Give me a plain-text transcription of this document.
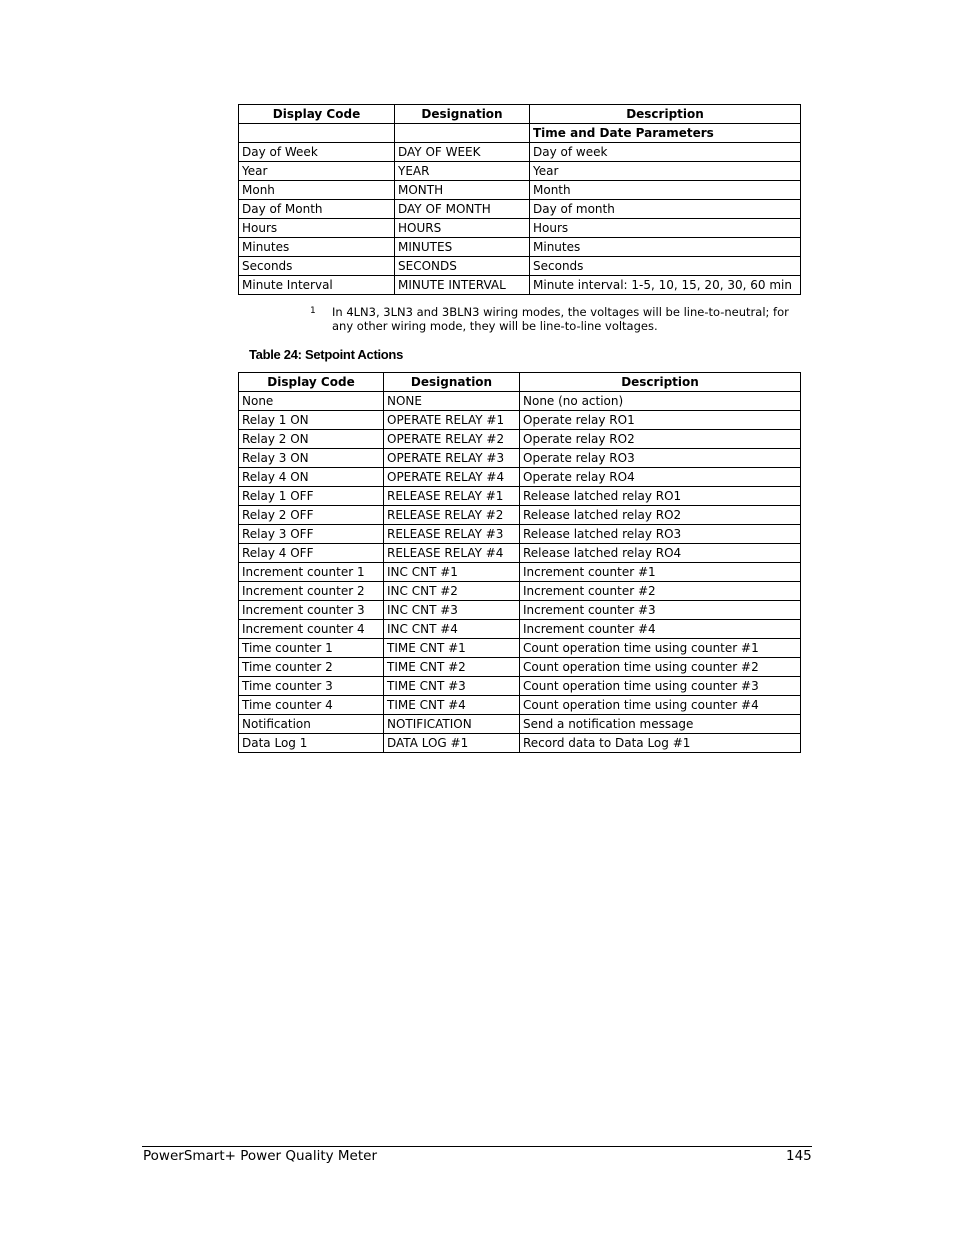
Display Code	Designation	Description
		Time and Date Parameters
Day of Week	DAY OF WEEK	Day of week
Year	YEAR	Year
Monh	MONTH	Month
Day of Month	DAY OF MONTH	Day of month
Hours	HOURS	Hours
Minutes	MINUTES	Minutes
Seconds	SECONDS	Seconds
Minute Interval	MINUTE INTERVAL	Minute interval: 1-5, 10, 15, 20, 30, 60 min
1 In 4LN3, 3LN3 and 3BLN3 wiring modes, the voltages will be line-to-neutral; for any other wiring mode, they will be line-to-line voltages.
Table 24: Setpoint Actions
Display Code	Designation	Description
None	NONE	None (no action)
Relay 1 ON	OPERATE RELAY #1	Operate relay RO1
Relay 2 ON	OPERATE RELAY #2	Operate relay RO2
Relay 3 ON	OPERATE RELAY #3	Operate relay RO3
Relay 4 ON	OPERATE RELAY #4	Operate relay RO4
Relay 1 OFF	RELEASE RELAY #1	Release latched relay RO1
Relay 2 OFF	RELEASE RELAY #2	Release latched relay RO2
Relay 3 OFF	RELEASE RELAY #3	Release latched relay RO3
Relay 4 OFF	RELEASE RELAY #4	Release latched relay RO4
Increment counter 1	INC CNT #1	Increment counter #1
Increment counter 2	INC CNT #2	Increment counter #2
Increment counter 3	INC CNT #3	Increment counter #3
Increment counter 4	INC CNT #4	Increment counter #4
Time counter 1	TIME CNT #1	Count operation time using counter #1
Time counter 2	TIME CNT #2	Count operation time using counter #2
Time counter 3	TIME CNT #3	Count operation time using counter #3
Time counter 4	TIME CNT #4	Count operation time using counter #4
Notification	NOTIFICATION	Send a notification message
Data Log 1	DATA LOG #1	Record data to Data Log #1
PowerSmart+ Power Quality Meter	145
